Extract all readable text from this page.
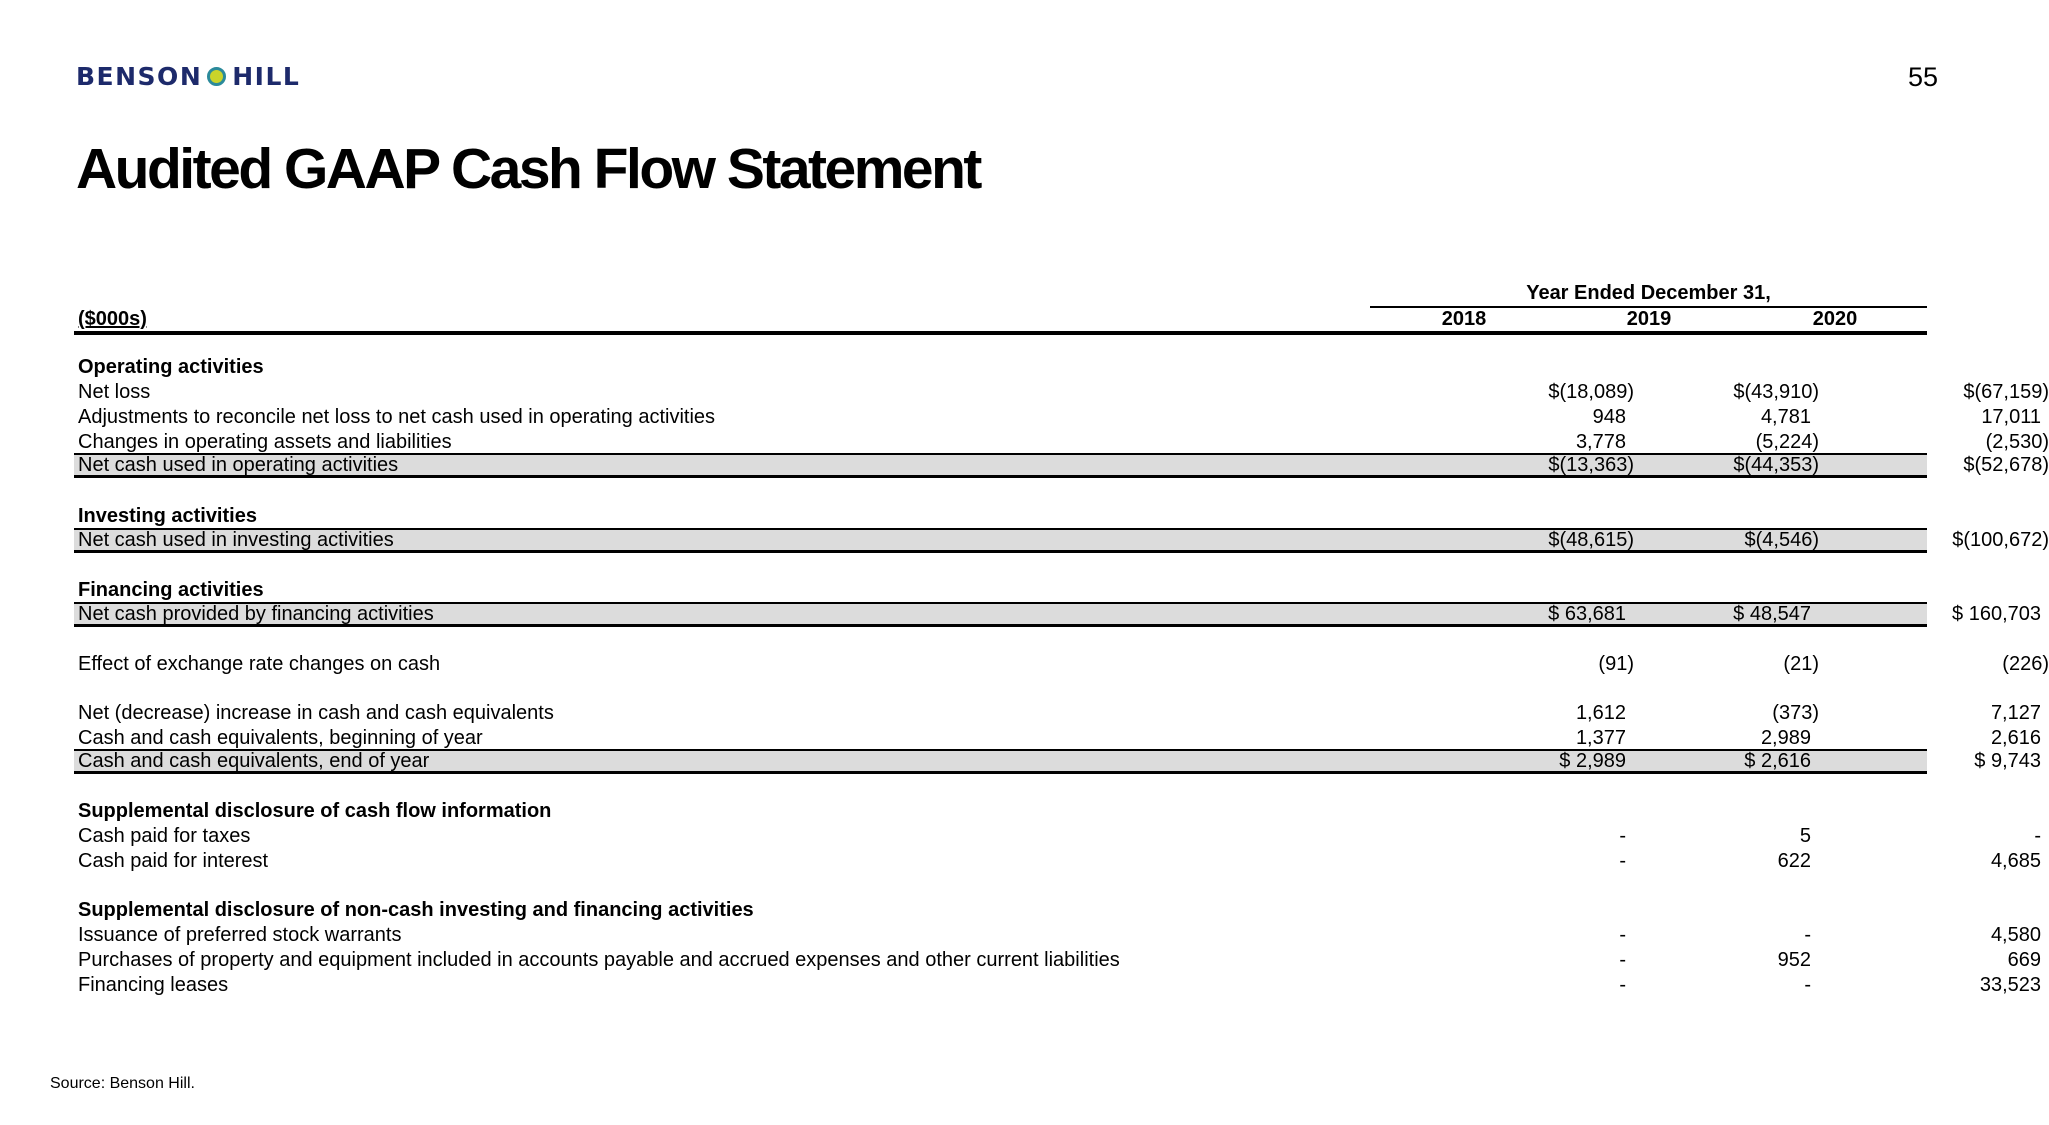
BENSON HILL	55
Audited GAAP Cash Flow Statement
Year Ended December 31,
($000s)	2018	2019	2020
Operating activities
Net loss	$(18,089)	$(43,910)	$(67,159)
Adjustments to reconcile net loss to net cash used in operating activities	948	4,781	17,011
Changes in operating assets and liabilities	3,778	(5,224)	(2,530)
Net cash used in operating activities	$(13,363)	$(44,353)	$(52,678)
Investing activities
Net cash used in investing activities	$(48,615)	$(4,546)	$(100,672)
Financing activities
Net cash provided by financing activities	$ 63,681	$ 48,547	$ 160,703
Effect of exchange rate changes on cash	(91)	(21)	(226)
Net (decrease) increase in cash and cash equivalents	1,612	(373)	7,127
Cash and cash equivalents, beginning of year	1,377	2,989	2,616
Cash and cash equivalents, end of year	$ 2,989	$ 2,616	$ 9,743
Supplemental disclosure of cash flow information
Cash paid for taxes	-	5	-
Cash paid for interest	-	622	4,685
Supplemental disclosure of non-cash investing and financing activities
Issuance of preferred stock warrants	-	-	4,580
Purchases of property and equipment included in accounts payable and accrued expenses and other current liabilities	-	952	669
Financing leases	-	-	33,523
Source: Benson Hill.
